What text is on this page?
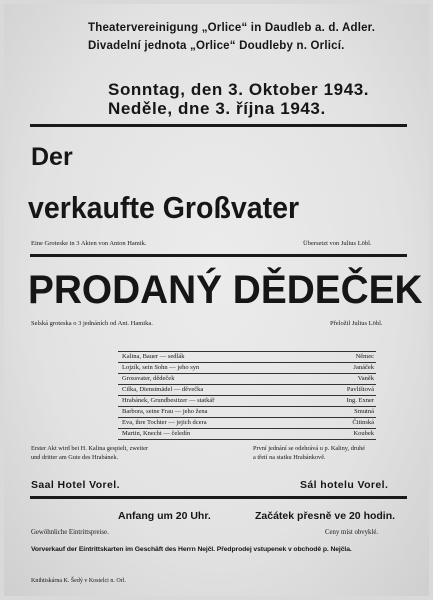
Theatervereinigung „Orlice“ in Daudleb a. d. Adler.
Divadelní jednota „Orlice“ Doudleby n. Orlicí.
Sonntag, den 3. Oktober 1943.
Neděle, dne 3. října 1943.
Der
verkaufte Großvater
Eine Groteske in 3 Akten von Anton Hamik.	Übersetzt von Julius Löbl.
PRODANÝ DĚDEČEK
Selská groteska o 3 jednáních od Ant. Hamika.	Přeložil Julius Löbl.
Kalina, Bauer — sedlák	Němec
Lojzík, sein Sohn — jeho syn	Janáček
Grossvater, dědeček	Vaněk
Cilka, Dienstmädel — děvečka	Pavlištová
Hrabánek, Grundbesitzer — statkář	Ing. Exner
Barbora, seine Frau — jeho žena	Smutná
Eva, ihre Tochter — jejich dcera	Čitinská
Martin, Knecht — čeledín	Koubek
Erster Akt wird bei H. Kalina gespielt, zweiter
und dritter am Gute des Hrabánek.
První jednání se odehrává u p. Kaliny, druhé
a třetí na statku Hrabánkově.
Saal Hotel Vorel.	Sál hotelu Vorel.
Anfang um 20 Uhr.	Začátek přesně ve 20 hodin.
Gewöhnliche Eintrittspreise.	Ceny míst obvyklé.
Vorverkauf der Eintrittskarten im Geschäft des Herrn Nejčl. Předprodej vstupenek v obchodě p. Nejčla.
Knihtiskárna K. Šedý v Kostelci n. Orl.
